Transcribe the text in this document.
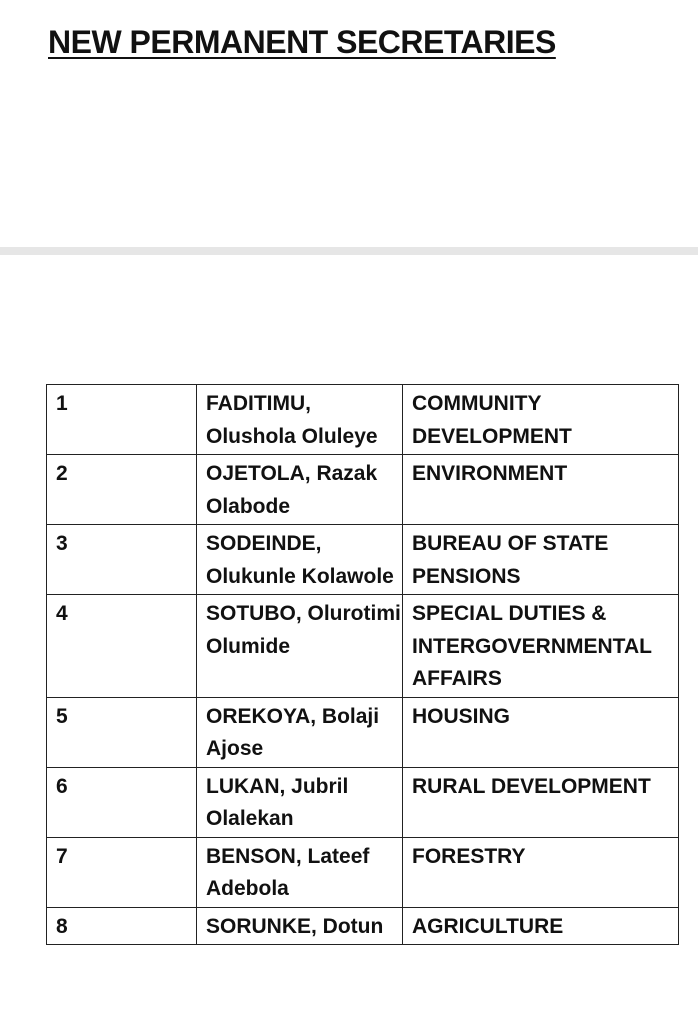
NEW PERMANENT SECRETARIES
1	FADITIMU, Olushola Oluleye	COMMUNITY DEVELOPMENT
2	OJETOLA, Razak Olabode	ENVIRONMENT
3	SODEINDE, Olukunle Kolawole	BUREAU OF STATE PENSIONS
4	SOTUBO, Olurotimi Olumide	SPECIAL DUTIES & INTERGOVERNMENTAL AFFAIRS
5	OREKOYA, Bolaji Ajose	HOUSING
6	LUKAN, Jubril Olalekan	RURAL DEVELOPMENT
7	BENSON, Lateef Adebola	FORESTRY
8	SORUNKE, Dotun	AGRICULTURE
